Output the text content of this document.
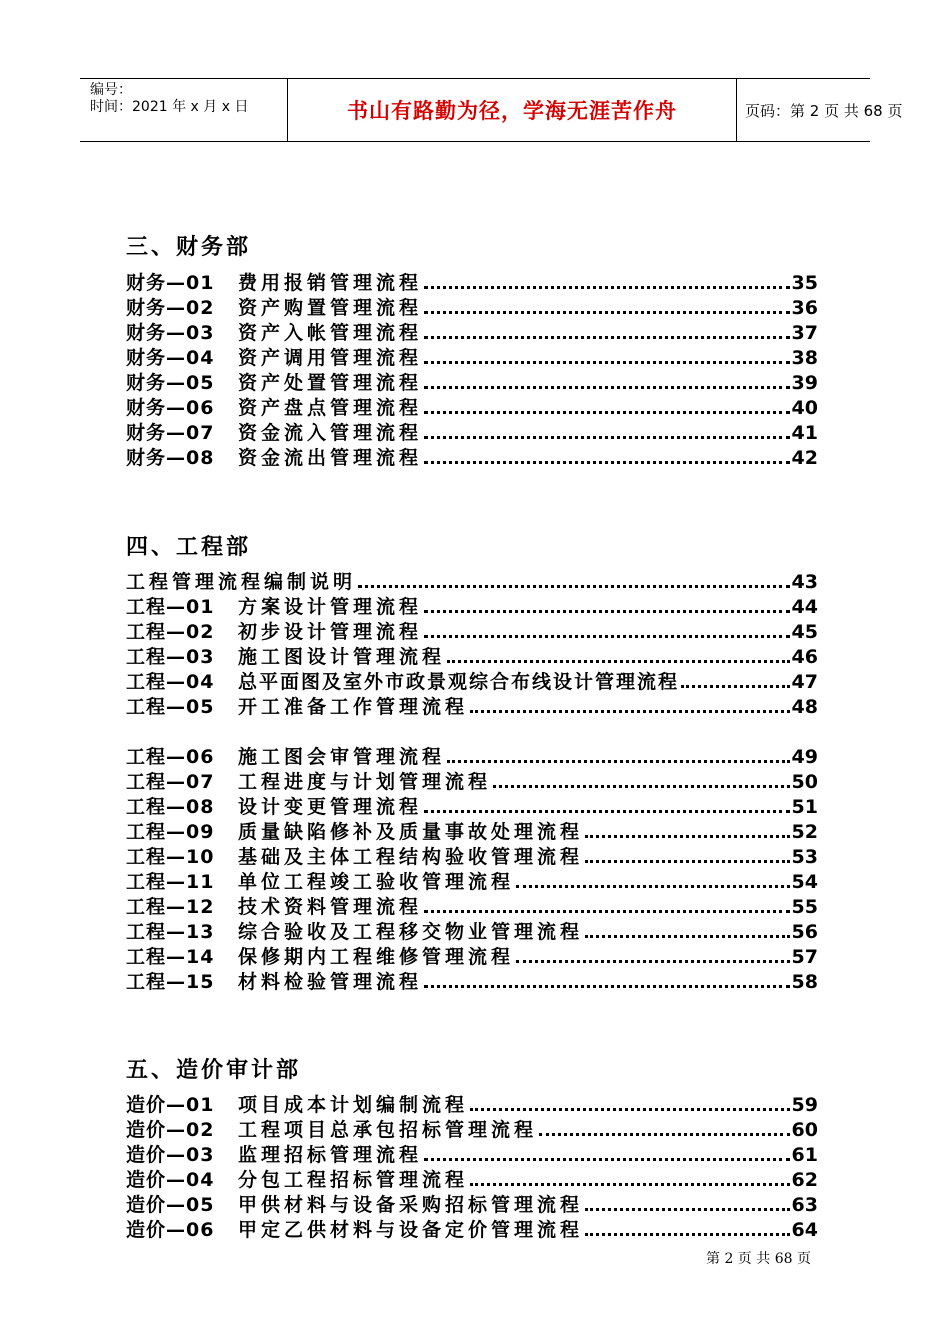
编号：
时间：2021 年 x 月 x 日	书山有路勤为径，学海无涯苦作舟	页码：第 2 页 共 68 页
三、财务部
财务—01	费用报销管理流程	35
财务—02	资产购置管理流程	36
财务—03	资产入帐管理流程	37
财务—04	资产调用管理流程	38
财务—05	资产处置管理流程	39
财务—06	资产盘点管理流程	40
财务—07	资金流入管理流程	41
财务—08	资金流出管理流程	42
四、工程部
工程管理流程编制说明	43
工程—01	方案设计管理流程	44
工程—02	初步设计管理流程	45
工程—03	施工图设计管理流程	46
工程—04	总平面图及室外市政景观综合布线设计管理流程	47
工程—05	开工准备工作管理流程	48
工程—06	施工图会审管理流程	49
工程—07	工程进度与计划管理流程	50
工程—08	设计变更管理流程	51
工程—09	质量缺陷修补及质量事故处理流程	52
工程—10	基础及主体工程结构验收管理流程	53
工程—11	单位工程竣工验收管理流程	54
工程—12	技术资料管理流程	55
工程—13	综合验收及工程移交物业管理流程	56
工程—14	保修期内工程维修管理流程	57
工程—15	材料检验管理流程	58
五、造价审计部
造价—01	项目成本计划编制流程	59
造价—02	工程项目总承包招标管理流程	60
造价—03	监理招标管理流程	61
造价—04	分包工程招标管理流程	62
造价—05	甲供材料与设备采购招标管理流程	63
造价—06	甲定乙供材料与设备定价管理流程	64
第 2 页 共 68 页
